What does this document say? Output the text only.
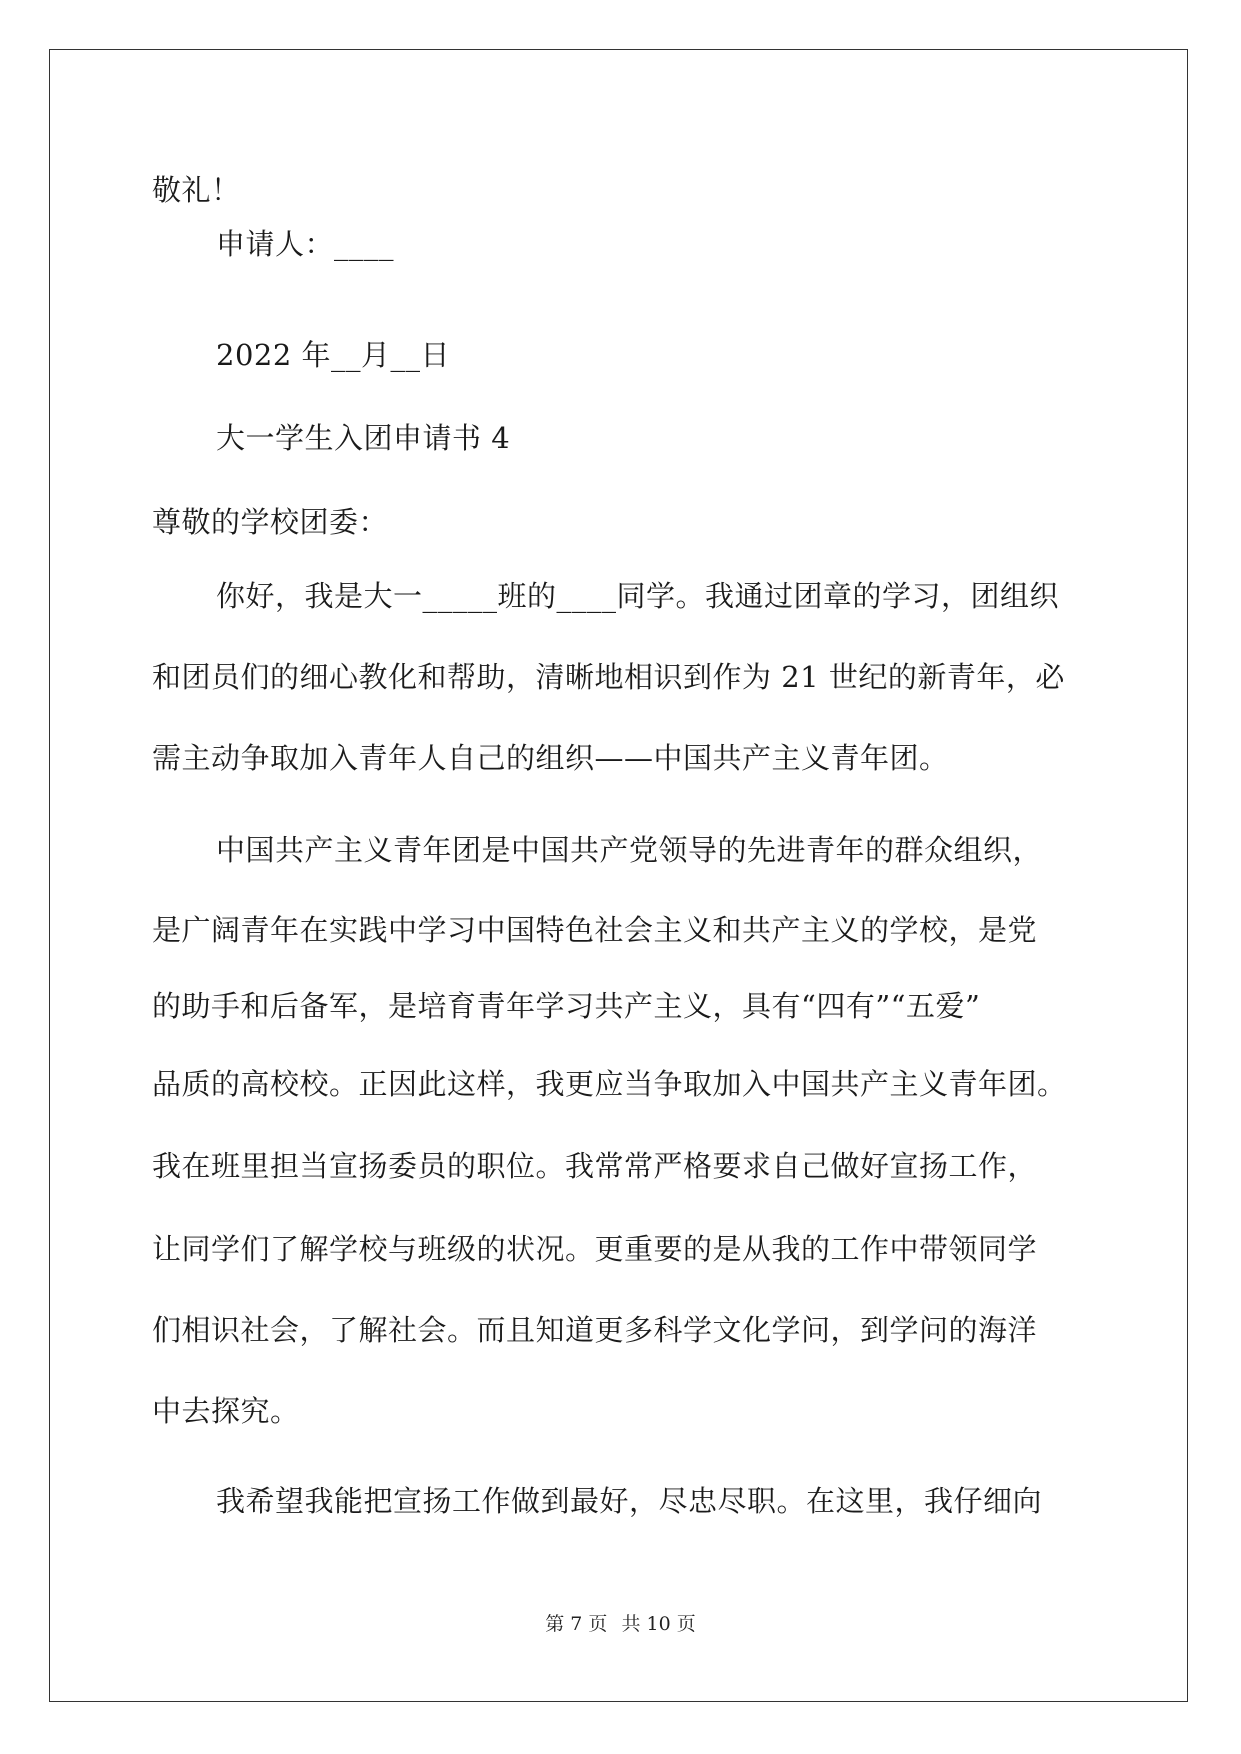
敬礼！

申请人：____

2022 年__月__日

大一学生入团申请书 4

尊敬的学校团委：

你好，我是大一_____班的____同学。我通过团章的学习，团组织

和团员们的细心教化和帮助，清晰地相识到作为 21 世纪的新青年，必

需主动争取加入青年人自己的组织——中国共产主义青年团。

中国共产主义青年团是中国共产党领导的先进青年的群众组织，

是广阔青年在实践中学习中国特色社会主义和共产主义的学校，是党

的助手和后备军，是培育青年学习共产主义，具有“四有”“五爱”

品质的高校校。正因此这样，我更应当争取加入中国共产主义青年团。

我在班里担当宣扬委员的职位。我常常严格要求自己做好宣扬工作，

让同学们了解学校与班级的状况。更重要的是从我的工作中带领同学

们相识社会，了解社会。而且知道更多科学文化学问，到学问的海洋

中去探究。

我希望我能把宣扬工作做到最好，尽忠尽职。在这里，我仔细向

第 7 页 共 10 页
